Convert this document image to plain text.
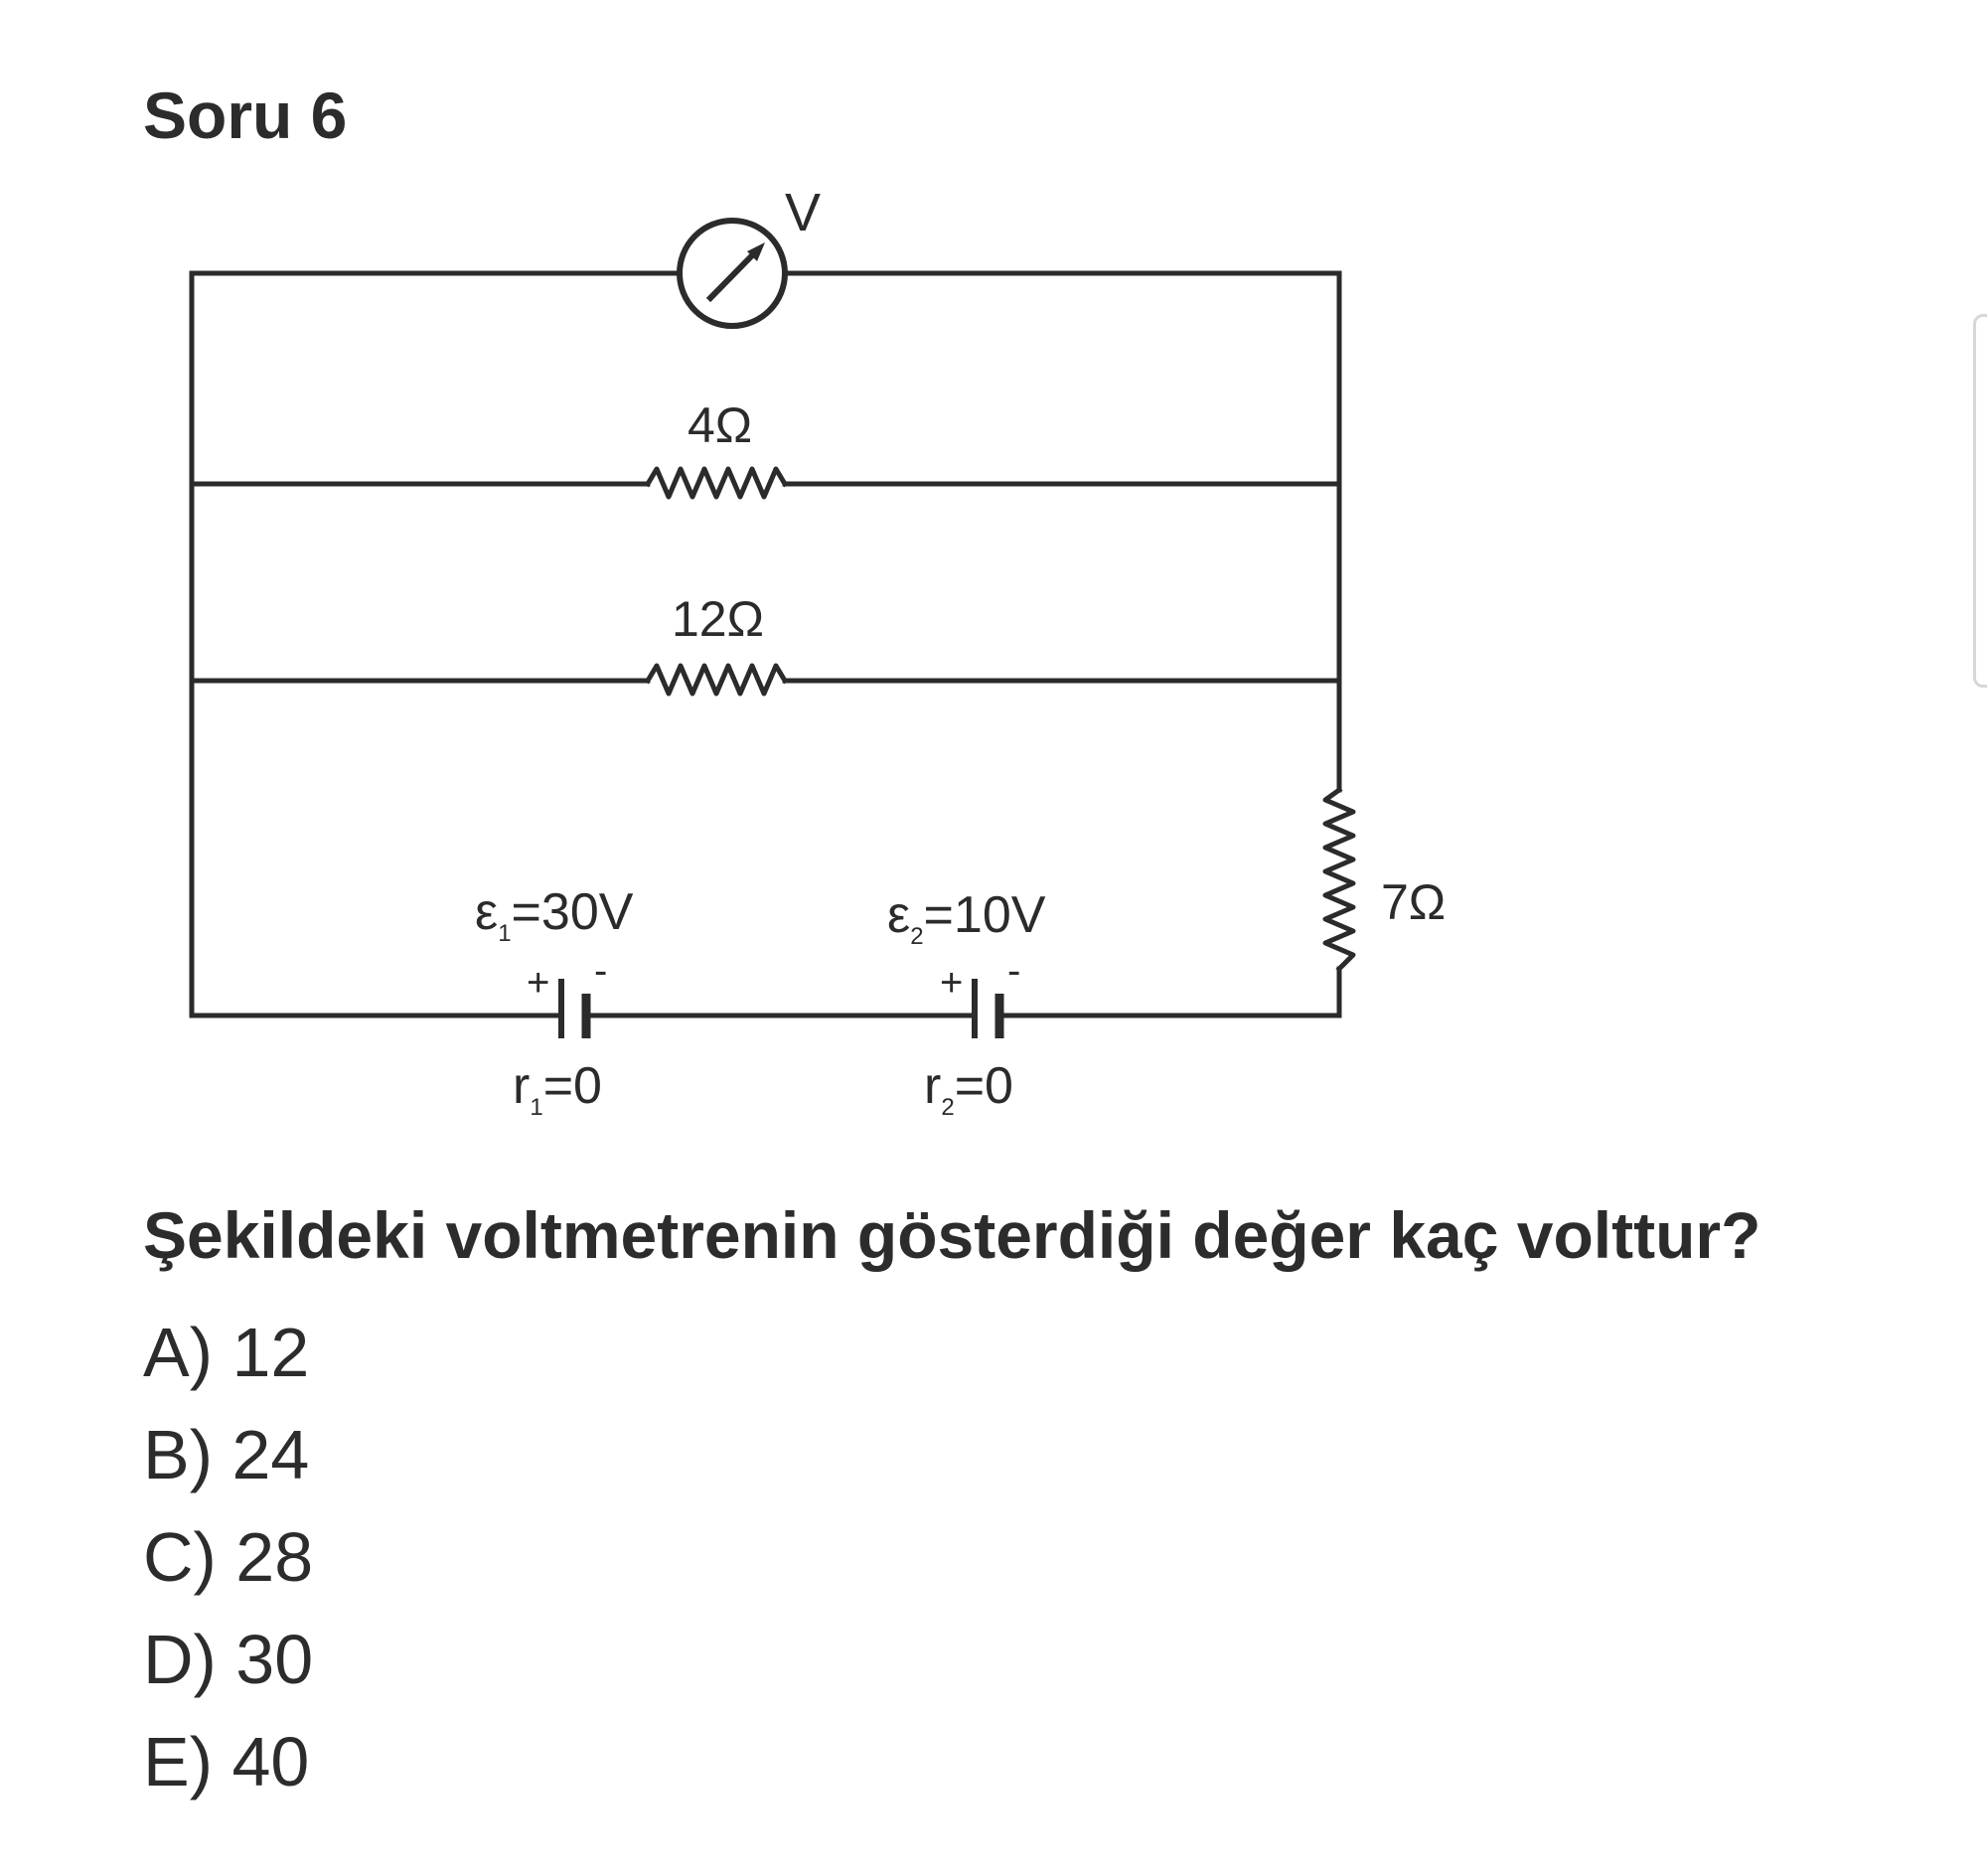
Soru 6
V
4Ω
12Ω
7Ω
$\varepsilon_1=30V$
+ -
$r_1=0$
$\varepsilon_2=10V$
+ -
$r_2=0$

Şekildeki voltmetrenin gösterdiği değer kaç volttur?

A) 12
B) 24
C) 28
D) 30
E) 40
